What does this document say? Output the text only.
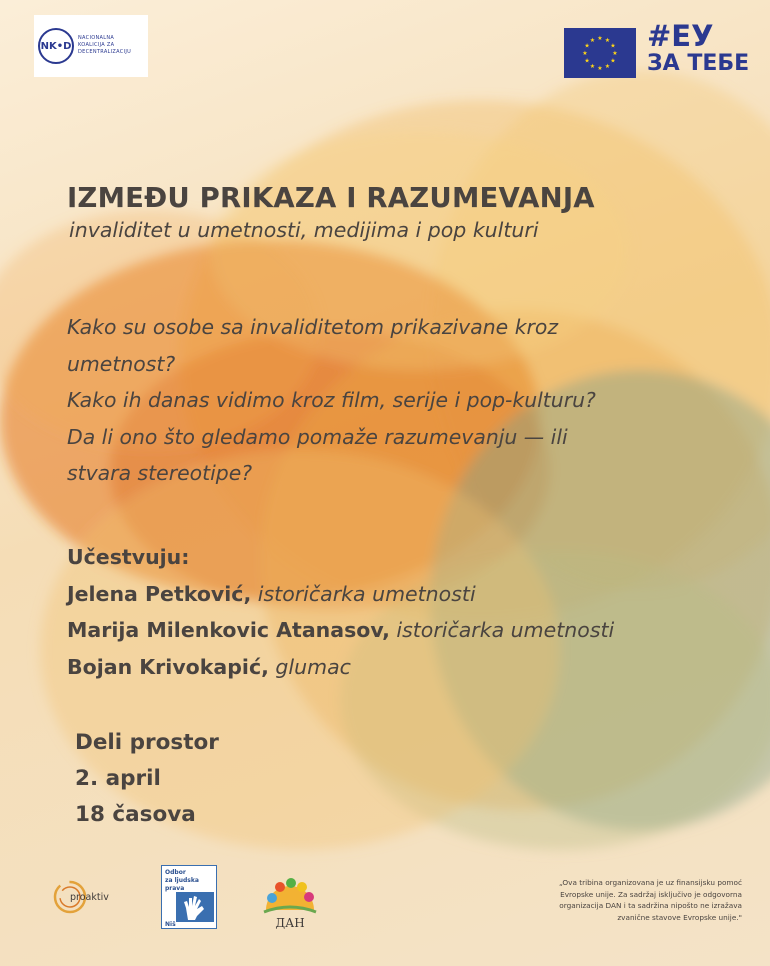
NK•D
NACIONALNA
KOALICIJA ZA
DECENTRALIZACIJU	★
★
★
★
★
★
★
★
★ ★ ★
★ #ЕУ
ЗА ТЕБЕ
IZMEĐU PRIKAZA I RAZUMEVANJA
invaliditet u umetnosti, medijima i pop kulturi
Kako su osobe sa invaliditetom prikazivane kroz
umetnost?
Kako ih danas vidimo kroz film, serije i pop-kulturu?
Da li ono što gledamo pomaže razumevanju — ili
stvara stereotipe?
Učestvuju:
Jelena Petković, istoričarka umetnosti
Marija Milenkovic Atanasov, istoričarka umetnosti
Bojan Krivokapić, glumac
Deli prostor
2. april
18 časova
proaktiv
Odbor
za ljudska
prava
Niš	ДАН
„Ova tribina organizovana je uz finansijsku pomoć
Evropske unije. Za sadržaj isključivo je odgovorna
organizacija DAN i ta sadržina nipošto ne izražava
zvanične stavove Evropske unije."
